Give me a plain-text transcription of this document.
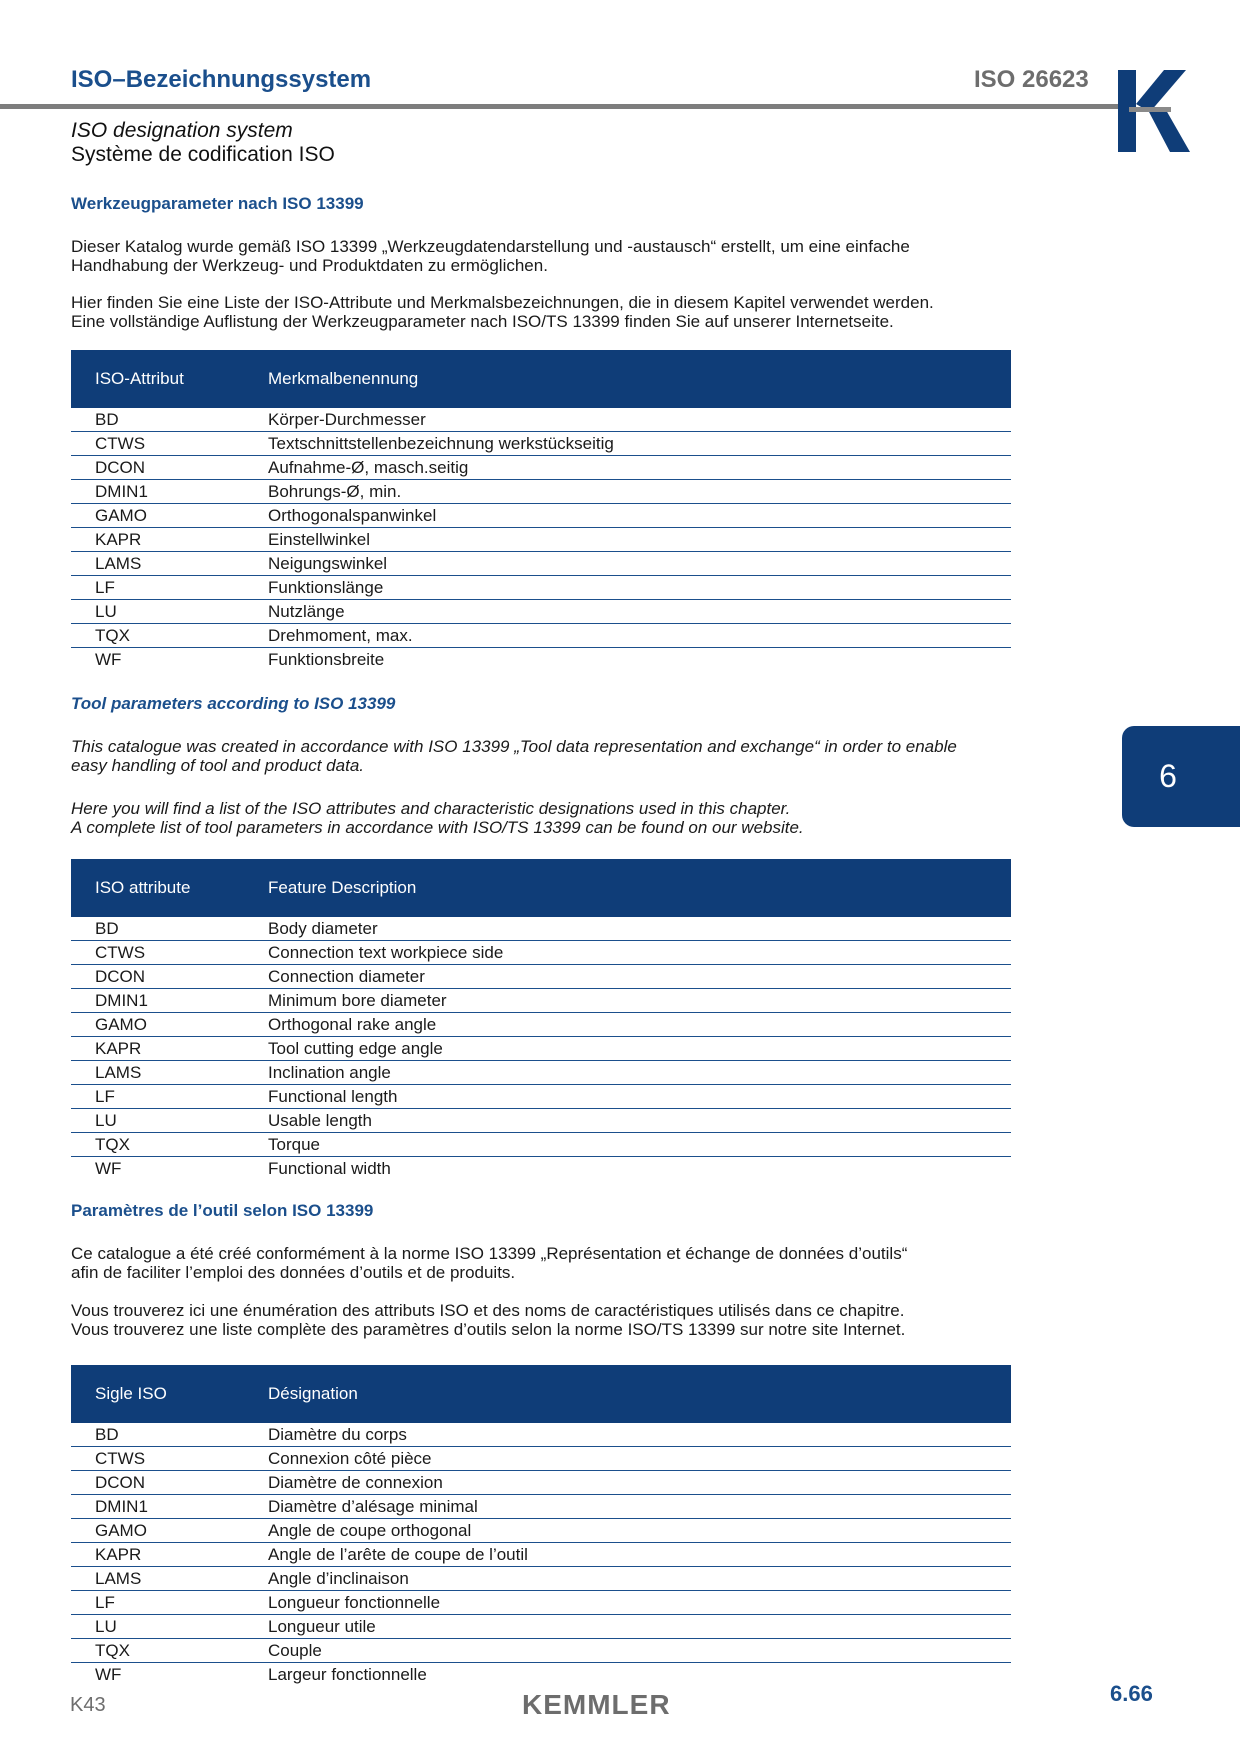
ISO–Bezeichnungssystem	ISO 26623
ISO designation system
Système de codification ISO
Werkzeugparameter nach ISO 13399
Dieser Katalog wurde gemäß ISO 13399 „Werkzeugdatendarstellung und -austausch“ erstellt, um eine einfache
Handhabung der Werkzeug- und Produktdaten zu ermöglichen.
Hier finden Sie eine Liste der ISO-Attribute und Merkmalsbezeichnungen, die in diesem Kapitel verwendet werden.
Eine vollständige Auflistung der Werkzeugparameter nach ISO/TS 13399 finden Sie auf unserer Internetseite.
ISO-Attribut	Merkmalbenennung
BD	Körper-Durchmesser
CTWS	Textschnittstellenbezeichnung werkstückseitig
DCON	Aufnahme-Ø, masch.seitig
DMIN1	Bohrungs-Ø, min.
GAMO	Orthogonalspanwinkel
KAPR	Einstellwinkel
LAMS	Neigungswinkel
LF	Funktionslänge
LU	Nutzlänge
TQX	Drehmoment, max.
WF	Funktionsbreite
Tool parameters according to ISO 13399
This catalogue was created in accordance with ISO 13399 „Tool data representation and exchange“ in order to enable
easy handling of tool and product data.
Here you will find a list of the ISO attributes and characteristic designations used in this chapter.
A complete list of tool parameters in accordance with ISO/TS 13399 can be found on our website.
ISO attribute	Feature Description
BD	Body diameter
CTWS	Connection text workpiece side
DCON	Connection diameter
DMIN1	Minimum bore diameter
GAMO	Orthogonal rake angle
KAPR	Tool cutting edge angle
LAMS	Inclination angle
LF	Functional length
LU	Usable length
TQX	Torque
WF	Functional width
Paramètres de l’outil selon ISO 13399
Ce catalogue a été créé conformément à la norme ISO 13399 „Représentation et échange de données d’outils“
afin de faciliter l’emploi des données d’outils et de produits.
Vous trouverez ici une énumération des attributs ISO et des noms de caractéristiques utilisés dans ce chapitre.
Vous trouverez une liste complète des paramètres d’outils selon la norme ISO/TS 13399 sur notre site Internet.
Sigle ISO	Désignation
BD	Diamètre du corps
CTWS	Connexion côté pièce
DCON	Diamètre de connexion
DMIN1	Diamètre d’alésage minimal
GAMO	Angle de coupe orthogonal
KAPR	Angle de l’arête de coupe de l’outil
LAMS	Angle d’inclinaison
LF	Longueur fonctionnelle
LU	Longueur utile
TQX	Couple
WF	Largeur fonctionnelle
6
K43	KEMMLER	6.66
